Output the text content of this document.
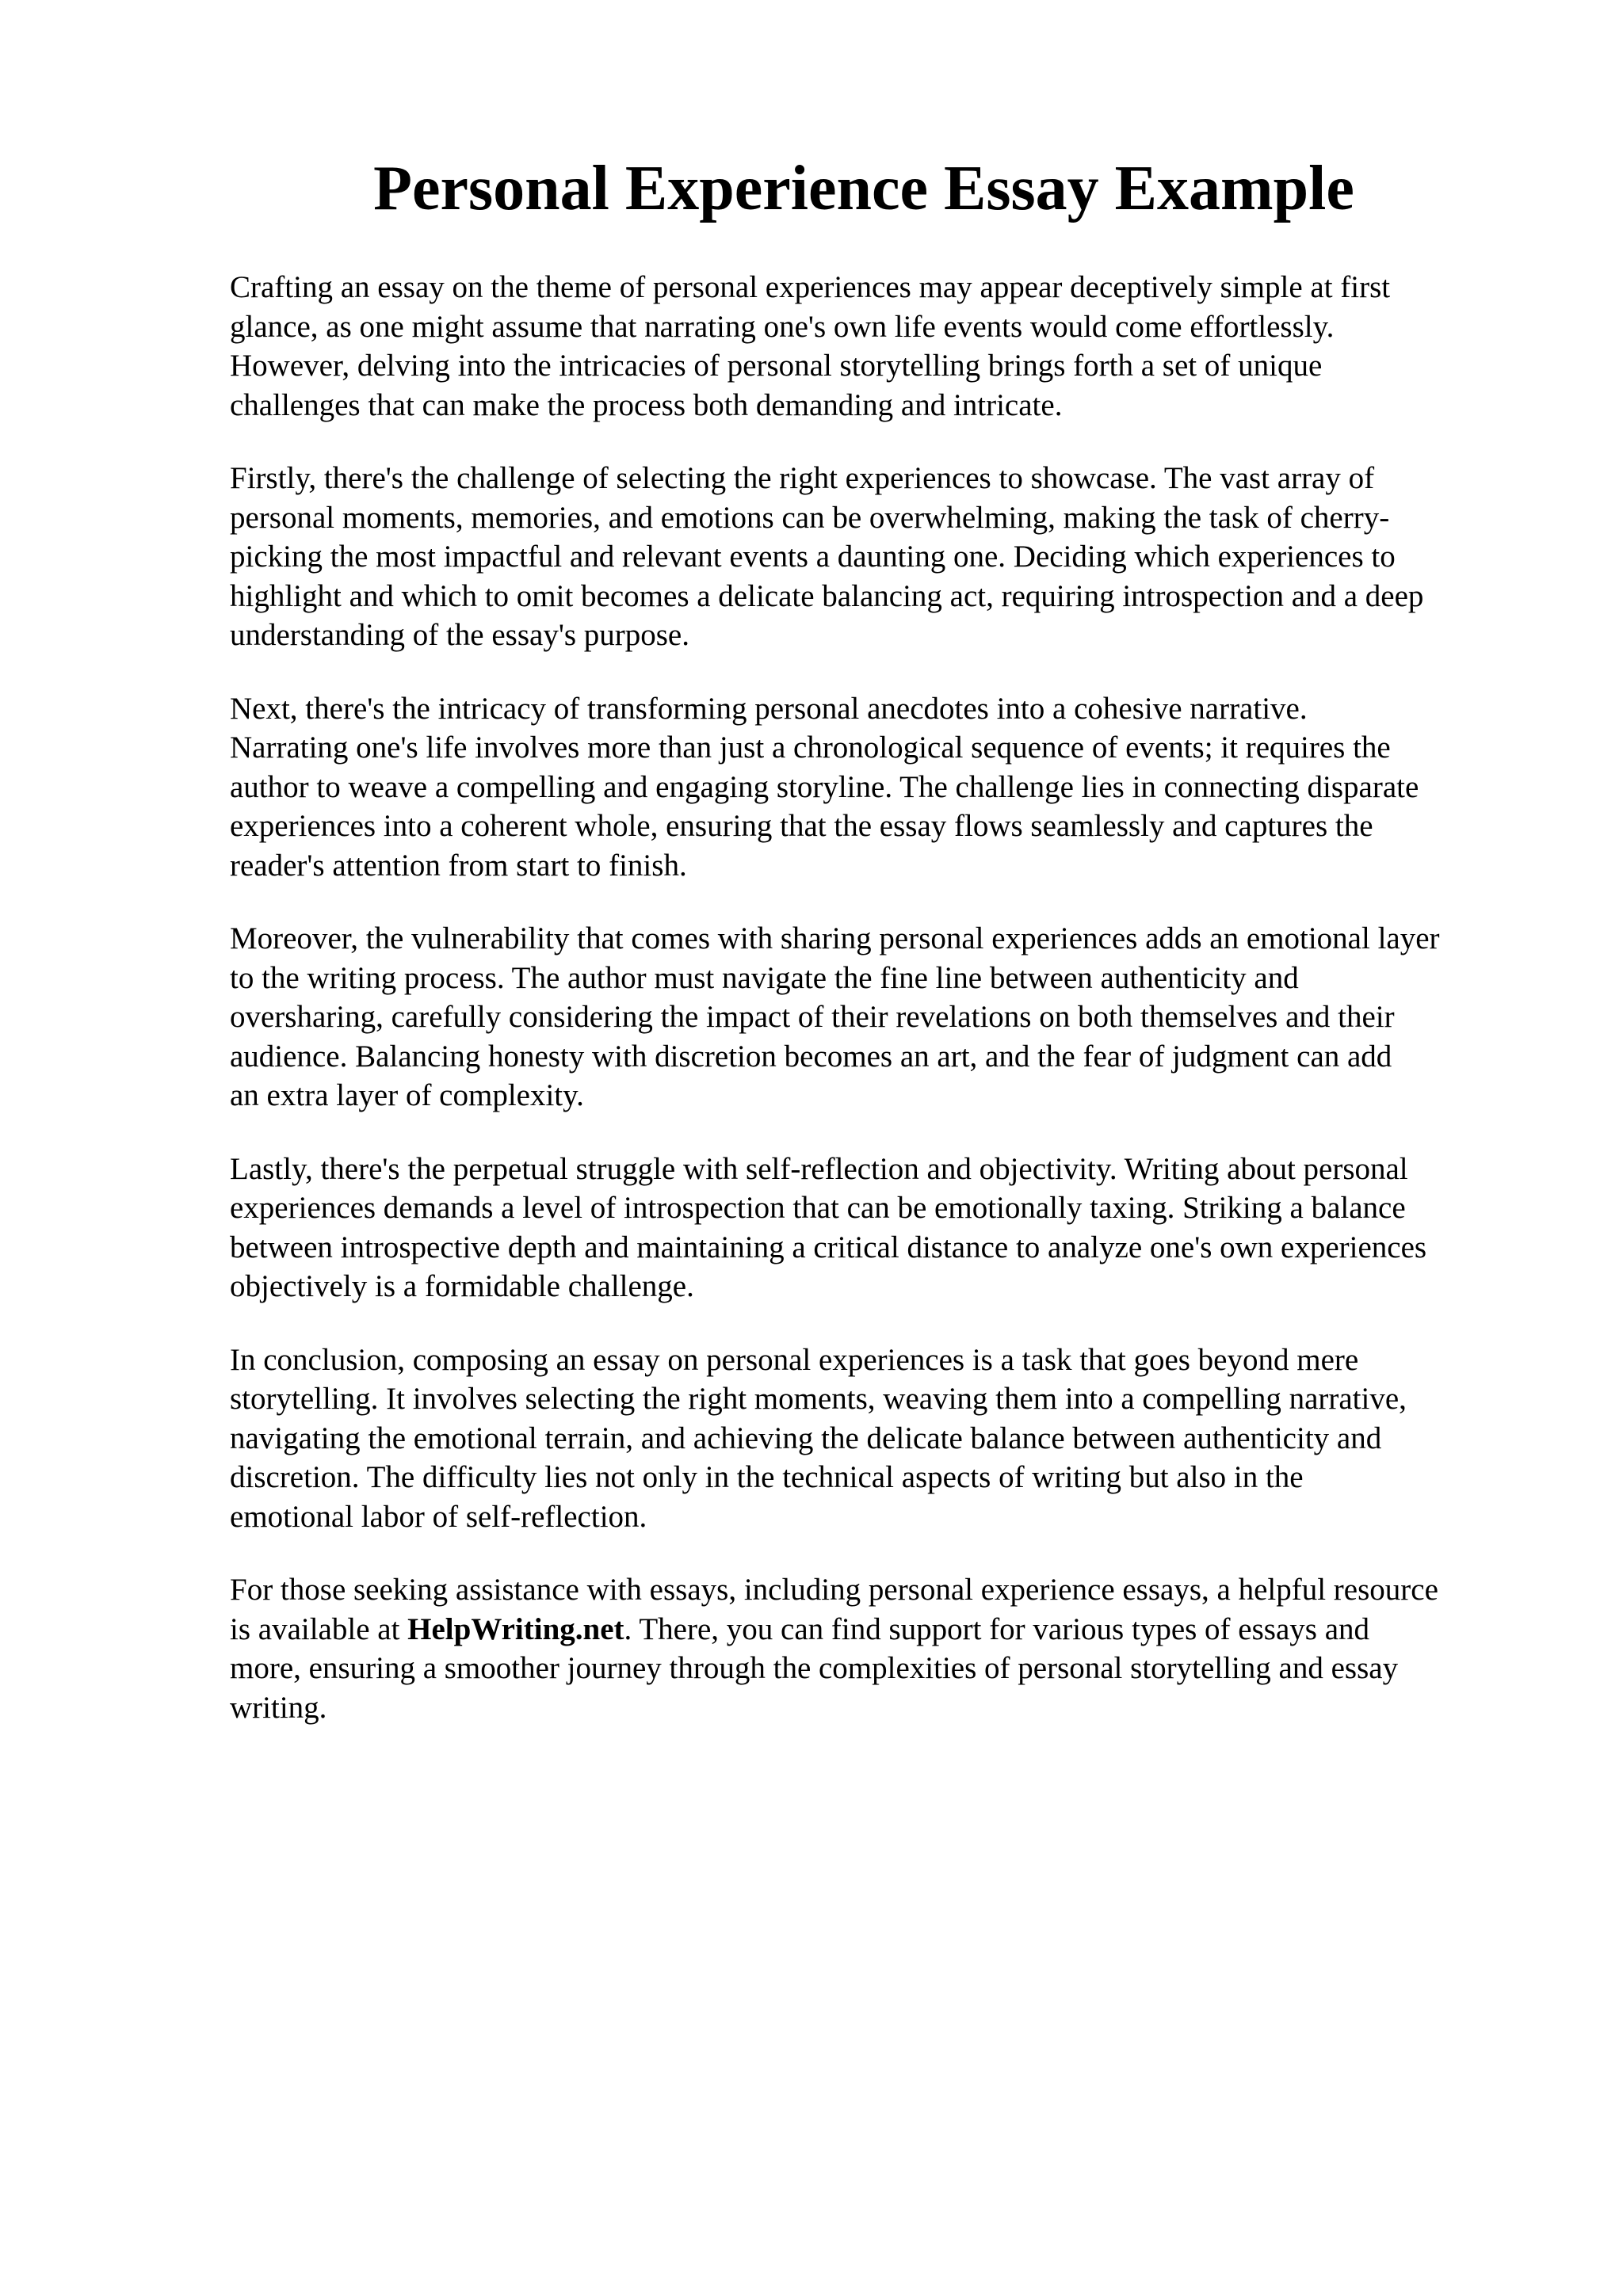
Personal Experience Essay Example

Crafting an essay on the theme of personal experiences may appear deceptively simple at first
glance, as one might assume that narrating one's own life events would come effortlessly.
However, delving into the intricacies of personal storytelling brings forth a set of unique
challenges that can make the process both demanding and intricate.

Firstly, there's the challenge of selecting the right experiences to showcase. The vast array of
personal moments, memories, and emotions can be overwhelming, making the task of cherry-
picking the most impactful and relevant events a daunting one. Deciding which experiences to
highlight and which to omit becomes a delicate balancing act, requiring introspection and a deep
understanding of the essay's purpose.

Next, there's the intricacy of transforming personal anecdotes into a cohesive narrative.
Narrating one's life involves more than just a chronological sequence of events; it requires the
author to weave a compelling and engaging storyline. The challenge lies in connecting disparate
experiences into a coherent whole, ensuring that the essay flows seamlessly and captures the
reader's attention from start to finish.

Moreover, the vulnerability that comes with sharing personal experiences adds an emotional layer
to the writing process. The author must navigate the fine line between authenticity and
oversharing, carefully considering the impact of their revelations on both themselves and their
audience. Balancing honesty with discretion becomes an art, and the fear of judgment can add
an extra layer of complexity.

Lastly, there's the perpetual struggle with self-reflection and objectivity. Writing about personal
experiences demands a level of introspection that can be emotionally taxing. Striking a balance
between introspective depth and maintaining a critical distance to analyze one's own experiences
objectively is a formidable challenge.

In conclusion, composing an essay on personal experiences is a task that goes beyond mere
storytelling. It involves selecting the right moments, weaving them into a compelling narrative,
navigating the emotional terrain, and achieving the delicate balance between authenticity and
discretion. The difficulty lies not only in the technical aspects of writing but also in the
emotional labor of self-reflection.

For those seeking assistance with essays, including personal experience essays, a helpful resource
is available at HelpWriting.net. There, you can find support for various types of essays and
more, ensuring a smoother journey through the complexities of personal storytelling and essay
writing.
